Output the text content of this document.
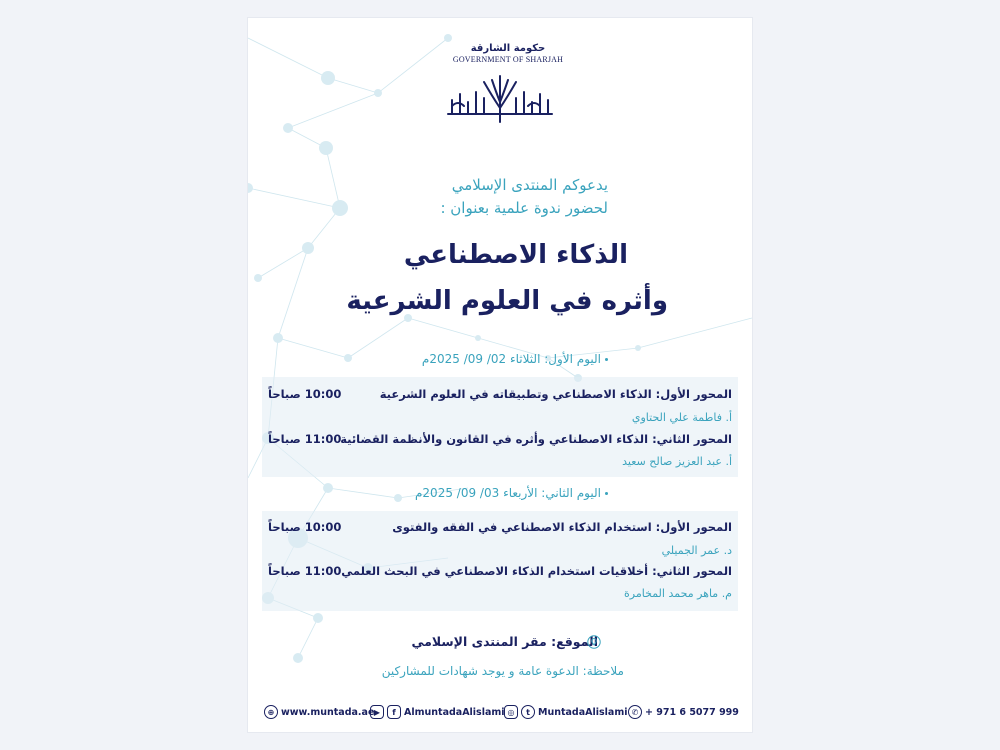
حكومة الشارقة
GOVERNMENT OF SHARJAH
يدعوكم المنتدى الإسلامي
لحضور ندوة علمية بعنوان :
الذكاء الاصطناعي
وأثره في العلوم الشرعية
اليوم الأول: الثلاثاء 02/ 09/ 2025م
المحور الأول: الذكاء الاصطناعي وتطبيقاته في العلوم الشرعية
10:00 صباحاً
أ. فاطمة علي الحتاوي
المحور الثاني: الذكاء الاصطناعي وأثره في القانون والأنظمة القضائية
11:00 صباحاً
أ. عبد العزيز صالح سعيد
اليوم الثاني: الأربعاء 03/ 09/ 2025م
المحور الأول: استخدام الذكاء الاصطناعي في الفقه والفتوى
10:00 صباحاً
د. عمر الجميلي
المحور الثاني: أخلاقيات استخدام الذكاء الاصطناعي في البحث العلمي
11:00 صباحاً
م. ماهر محمد المخامرة
الموقع: مقر المنتدى الإسلامي
ملاحظة: الدعوة عامة و يوجد شهادات للمشاركين
⊕ www.muntada.ae ▶	f AlmuntadaAlislami ◎	t MuntadaAlislami ✆ + 971 6 5077 999
